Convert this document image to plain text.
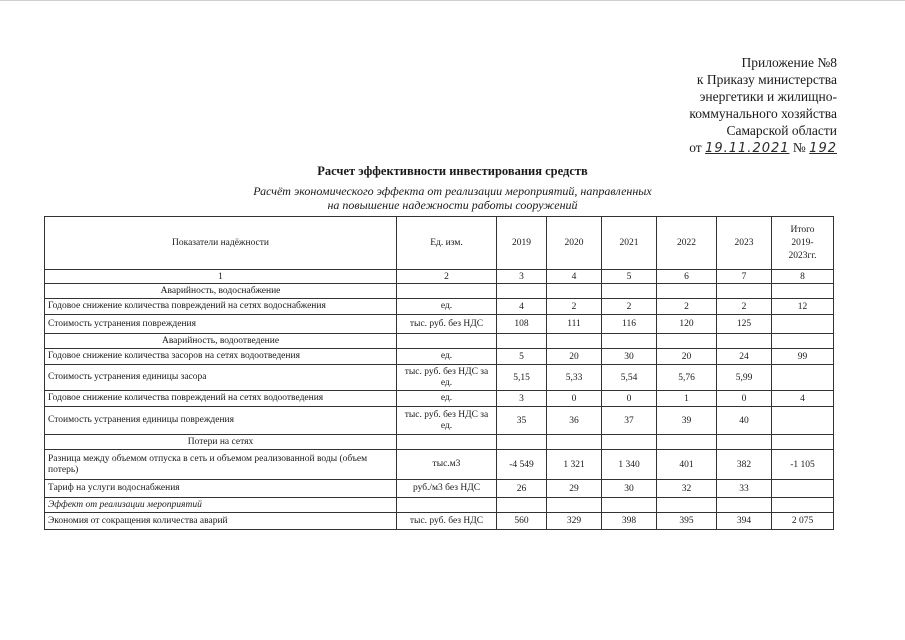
Приложение №8
к Приказу министерства
энергетики и жилищно-
коммунального хозяйства
Самарской области
от 19.11.2021 № 192
Расчет эффективности инвестирования средств
Расчёт экономического эффекта от реализации мероприятий, направленных
на повышение надежности работы сооружений
Показатели надёжности	Ед. изм.	2019	2020	2021	2022	2023	Итого
2019-
2023гг.

1	2	3	4	5	6	7	8
Аварийность, водоснабжение							
Годовое снижение количества повреждений на сетях водоснабжения	ед.	4	2	2	2	2	12
Стоимость устранения повреждения	тыс. руб. без НДС	108	111	116	120	125	
Аварийность, водоотведение							
Годовое снижение количества засоров на сетях водоотведения	ед.	5	20	30	20	24	99
Стоимость устранения единицы засора	тыс. руб. без НДС за ед.	5,15	5,33	5,54	5,76	5,99	
Годовое снижение количества повреждений на сетях водоотведения	ед.	3	0	0	1	0	4
Стоимость устранения единицы повреждения	тыс. руб. без НДС за ед.	35	36	37	39	40	
Потери на сетях							
Разница между объемом отпуска в сеть и объемом реализованной воды (объем потерь)	тыс.м3	-4 549	1 321	1 340	401	382	-1 105
Тариф на услуги водоснабжения	руб./м3 без НДС	26	29	30	32	33	
Эффект от реализации мероприятий							
Экономия от сокращения количества аварий	тыс. руб. без НДС	560	329	398	395	394	2 075
